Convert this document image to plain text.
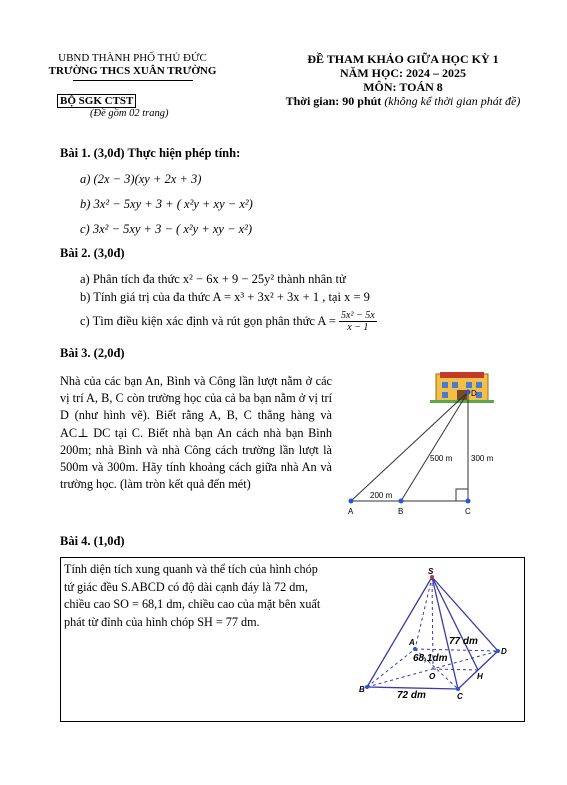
UBND THÀNH PHỐ THỦ ĐỨC
TRƯỜNG THCS XUÂN TRƯỜNG
BỘ SGK CTST
(Đề gồm 02 trang)
ĐỀ THAM KHẢO GIỮA HỌC KỲ 1
NĂM HỌC: 2024 – 2025
MÔN: TOÁN 8
Thời gian: 90 phút (không kể thời gian phát đề)
Bài 1. (3,0đ) Thực hiện phép tính:
a) (2x − 3)(xy + 2x + 3)
b) 3x² − 5xy + 3 + ( x²y + xy − x²)
c) 3x² − 5xy + 3 − ( x²y + xy − x²)
Bài 2. (3,0đ)
a) Phân tích đa thức x² − 6x + 9 − 25y² thành nhân tử
b) Tính giá trị của đa thức A = x³ + 3x² + 3x + 1 , tại x = 9
c) Tìm điều kiện xác định và rút gọn phân thức $A = \frac{\text{5x² − 5x}}{x - 1}$
Bài 3. (2,0đ)
Nhà của các bạn An, Bình và Công lần lượt nằm ở các vị trí A, B, C còn trường học của cả ba bạn nằm ở vị trí D (như hình vẽ). Biết rằng A, B, C thẳng hàng và AC⊥ DC tại C. Biết nhà bạn An cách nhà bạn Bình 200m; nhà Bình và nhà Công cách trường lần lượt là 500m và 300m. Hãy tính khoảng cách giữa nhà An và trường học. (làm tròn kết quả đến mét)
A	B	C
D
200 m
500 m 300 m
Bài 4. (1,0đ)
Tính diện tích xung quanh và thể tích của hình chóp tứ giác đều S.ABCD có độ dài cạnh đáy là 72 dm, chiều cao SO = 68,1 dm, chiều cao của mặt bên xuất phát từ đỉnh của hình chóp SH = 77 dm.
S
A
B
C
D
O	H
68,1dm
77 dm
72 dm
